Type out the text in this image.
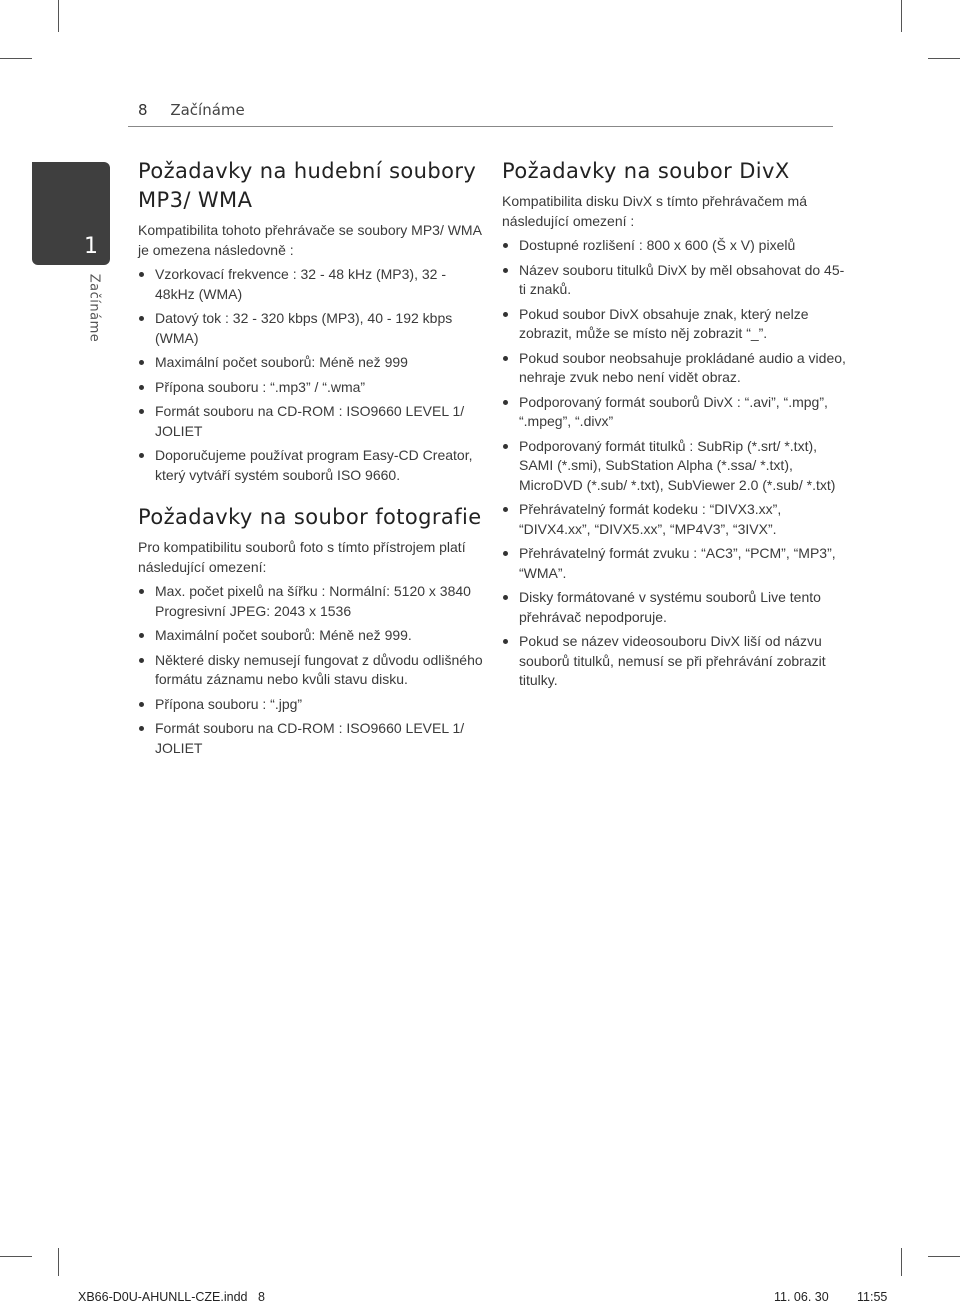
8 Začínáme
1
Začínáme
Požadavky na hudební soubory MP3/ WMA

Kompatibilita tohoto přehrávače se soubory MP3/ WMA je omezena následovně :

Vzorkovací frekvence : 32 - 48 kHz (MP3), 32 - 48kHz (WMA)
Datový tok : 32 - 320 kbps (MP3), 40 - 192 kbps (WMA)
Maximální počet souborů: Méně než 999
Přípona souboru : “.mp3” / “.wma”
Formát souboru na CD-ROM : ISO9660 LEVEL 1/ JOLIET
Doporučujeme používat program Easy-CD Creator, který vytváří systém souborů ISO 9660.
Požadavky na soubor fotografie

Pro kompatibilitu souborů foto s tímto přístrojem platí následující omezení:

Max. počet pixelů na šířku : Normální: 5120 x 3840 Progresivní JPEG: 2043 x 1536
Maximální počet souborů: Méně než 999.
Některé disky nemusejí fungovat z důvodu odlišného formátu záznamu nebo kvůli stavu disku.
Přípona souboru : “.jpg”
Formát souboru na CD-ROM : ISO9660 LEVEL 1/ JOLIET
Požadavky na soubor DivX

Kompatibilita disku DivX s tímto přehrávačem má následující omezení :

Dostupné rozlišení : 800 x 600 (Š x V) pixelů
Název souboru titulků DivX by měl obsahovat do 45-ti znaků.
Pokud soubor DivX obsahuje znak, který nelze zobrazit, může se místo něj zobrazit “_”.
Pokud soubor neobsahuje prokládané audio a video, nehraje zvuk nebo není vidět obraz.
Podporovaný formát souborů DivX : “.avi”, “.mpg”, “.mpeg”, “.divx”
Podporovaný formát titulků : SubRip (*.srt/ *.txt), SAMI (*.smi), SubStation Alpha (*.ssa/ *.txt), MicroDVD (*.sub/ *.txt), SubViewer 2.0 (*.sub/ *.txt)
Přehrávatelný formát kodeku : “DIVX3.xx”, “DIVX4.xx”, “DIVX5.xx”, “MP4V3”, “3IVX”.
Přehrávatelný formát zvuku : “AC3”, “PCM”, “MP3”, “WMA”.
Disky formátované v systému souborů Live tento přehrávač nepodporuje.
Pokud se název videosouboru DivX liší od názvu souborů titulků, nemusí se při přehrávání zobrazit titulky.
XB66-D0U-AHUNLL-CZE.indd 8	11. 06. 30 11:55
